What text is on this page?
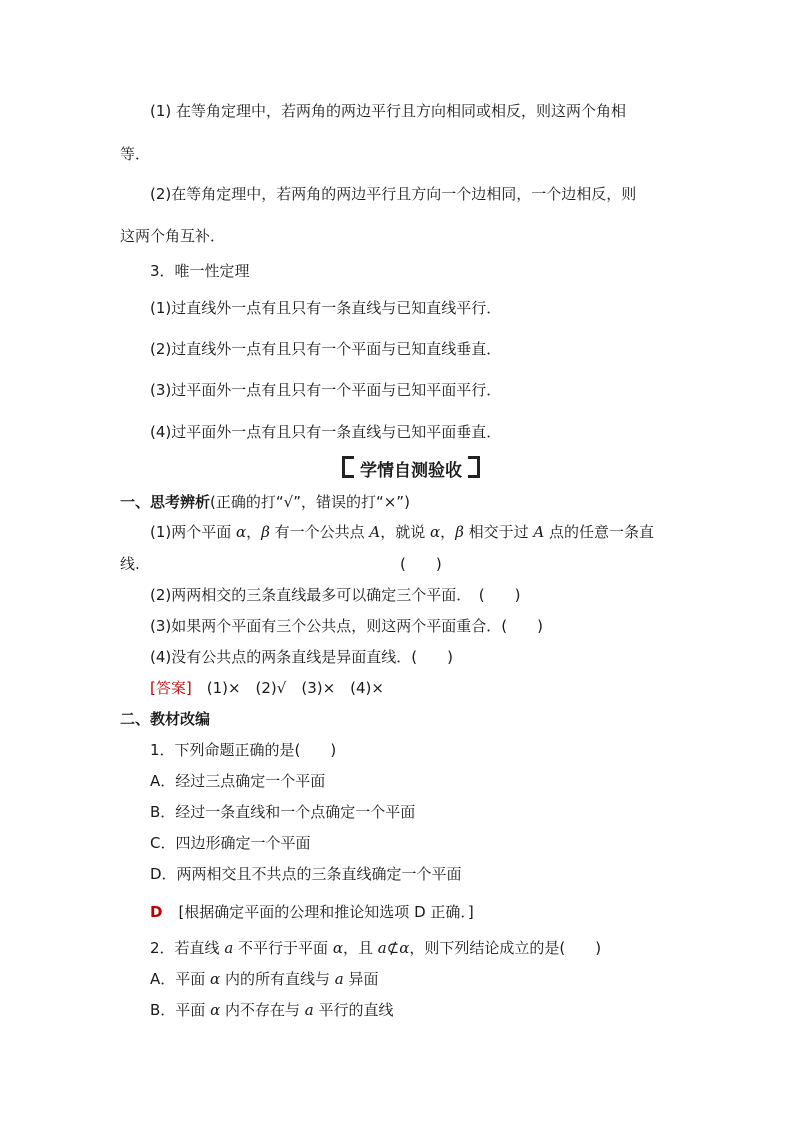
(1) 在等角定理中，若两角的两边平行且方向相同或相反，则这两个角相
等．
(2)在等角定理中，若两角的两边平行且方向一个边相同，一个边相反，则
这两个角互补．
3．唯一性定理
(1)过直线外一点有且只有一条直线与已知直线平行．
(2)过直线外一点有且只有一个平面与已知直线垂直．
(3)过平面外一点有且只有一个平面与已知平面平行．
(4)过平面外一点有且只有一条直线与已知平面垂直．
学情自测验收
一、思考辨析(正确的打“√”，错误的打“×”)
(1)两个平面 α，β 有一个公共点 A，就说 α，β 相交于过 A 点的任意一条直
线.	(　　)
(2)两两相交的三条直线最多可以确定三个平面．　(　　)
(3)如果两个平面有三个公共点，则这两个平面重合．(　　)
(4)没有公共点的两条直线是异面直线．(　　)
[答案]　(1)×　(2)√　(3)×　(4)×
二、教材改编
1．下列命题正确的是(　　)
A．经过三点确定一个平面
B．经过一条直线和一个点确定一个平面
C．四边形确定一个平面
D．两两相交且不共点的三条直线确定一个平面
D [根据确定平面的公理和推论知选项 D 正确．]
2．若直线 a 不平行于平面 α，且 a⊄α，则下列结论成立的是(　　)
A．平面 α 内的所有直线与 a 异面
B．平面 α 内不存在与 a 平行的直线
